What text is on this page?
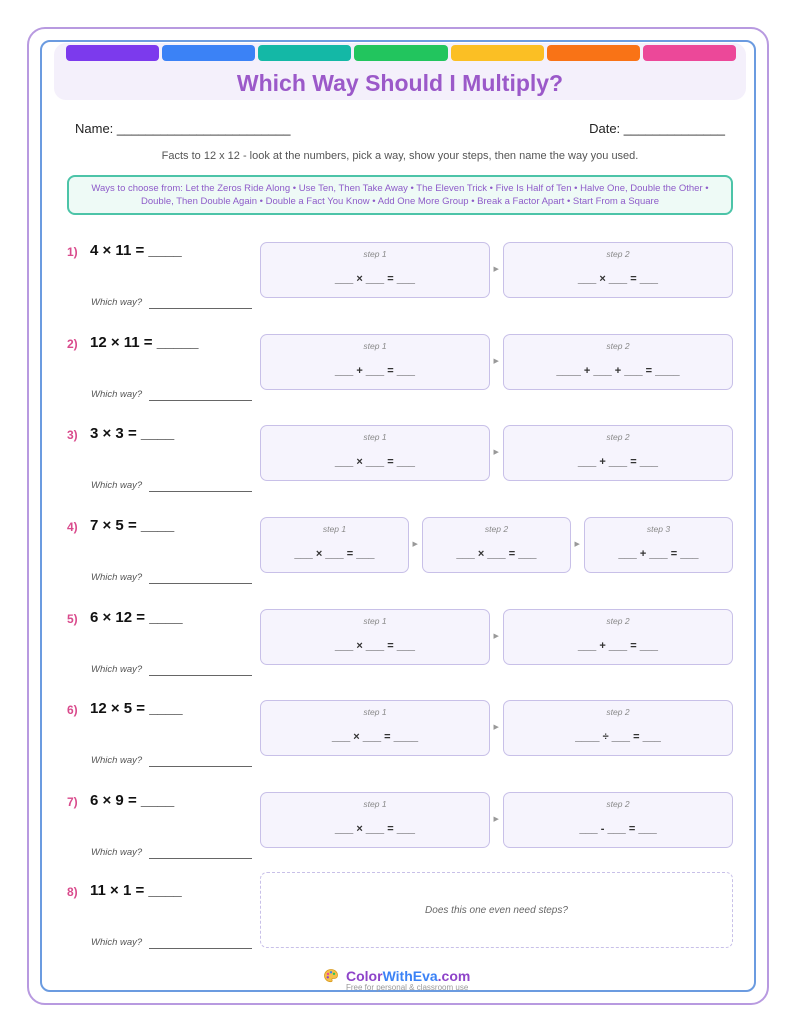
Which Way Should I Multiply?
Name: ________________________	Date: ______________
Facts to 12 x 12 - look at the numbers, pick a way, show your steps, then name the way you used.
Ways to choose from: Let the Zeros Ride Along • Use Ten, Then Take Away • The Eleven Trick • Five Is Half of Ten • Halve One, Double the Other • Double, Then Double Again • Double a Fact You Know • Add One More Group • Break a Factor Apart • Start From a Square
1) 4 × 11 = ____
Which way?
step 1
___ × ___ = ___
▶
step 2
___ × ___ = ___
2) 12 × 11 = _____
Which way?
step 1
___ + ___ = ___
▶
step 2
____ + ___ + ___ = ____
3) 3 × 3 = ____
Which way?
step 1
___ × ___ = ___
▶
step 2
___ + ___ = ___
4) 7 × 5 = ____
Which way?
step 1
___ × ___ = ___
▶
step 2
___ × ___ = ___
▶
step 3
___ + ___ = ___
5) 6 × 12 = ____
Which way?
step 1
___ × ___ = ___
▶
step 2
___ + ___ = ___
6) 12 × 5 = ____
Which way?
step 1
___ × ___ = ____
▶
step 2
____ ÷ ___ = ___
7) 6 × 9 = ____
Which way?
step 1
___ × ___ = ___
▶
step 2
___ - ___ = ___
8) 11 × 1 = ____
Which way?
Does this one even need steps?
ColorWithEva.com
Free for personal & classroom use
